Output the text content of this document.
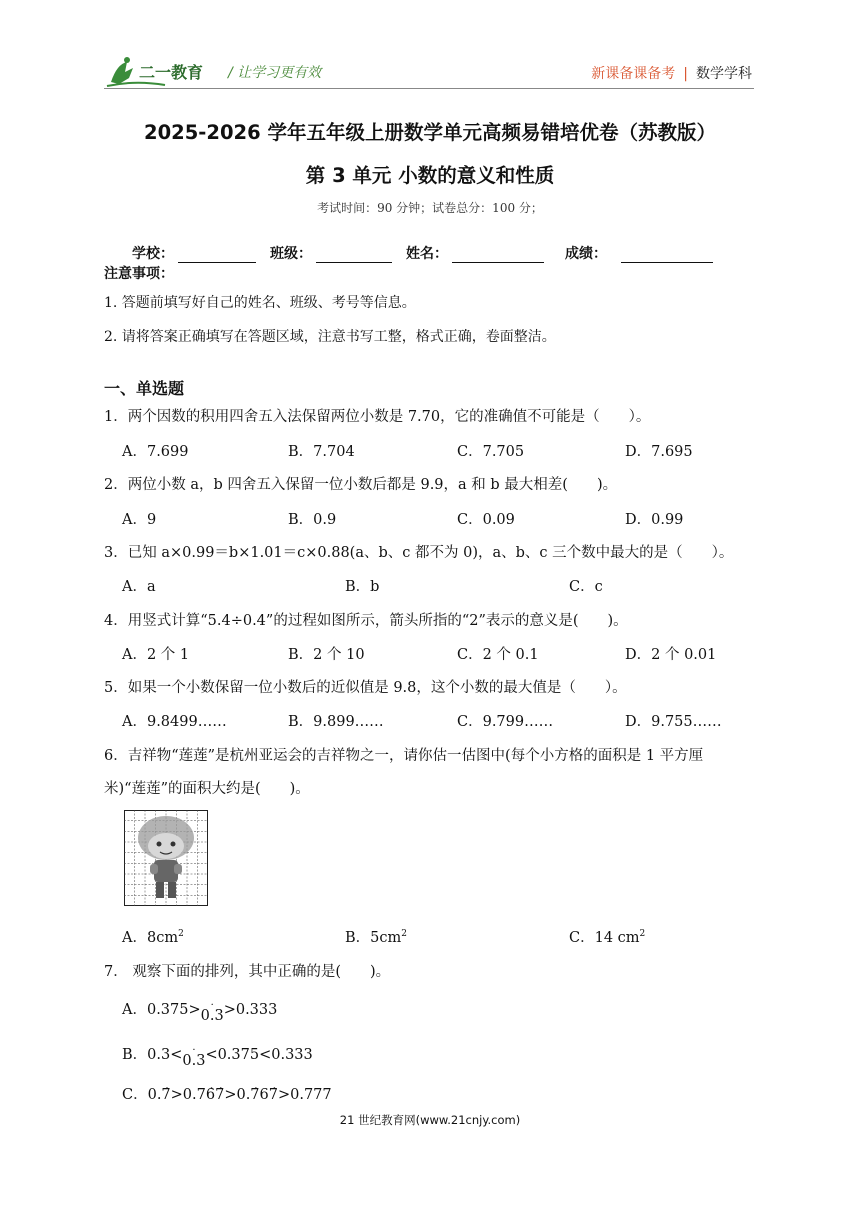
二一教育 / 让学习更有效	新课备课备考 | 数学学科
2025-2026 学年五年级上册数学单元高频易错培优卷（苏教版）
第 3 单元 小数的意义和性质
考试时间：90 分钟；试卷总分：100 分；
学校：	班级：	姓名：	成绩：
注意事项：
1. 答题前填写好自己的姓名、班级、考号等信息。
2. 请将答案正确填写在答题区域，注意书写工整，格式正确，卷面整洁。
一、单选题
1．两个因数的积用四舍五入法保留两位小数是 7.70，它的准确值不可能是（　　）。
A．7.699	B．7.704	C．7.705	D．7.695
2．两位小数 a，b 四舍五入保留一位小数后都是 9.9，a 和 b 最大相差(　　)。
A．9	B．0.9	C．0.09	D．0.99
3．已知 a×0.99＝b×1.01＝c×0.88(a、b、c 都不为 0)，a、b、c 三个数中最大的是（　　）。
A．a	B．b	C．c
4．用竖式计算“5.4÷0.4”的过程如图所示，箭头所指的“2”表示的意义是(　　)。
A．2 个 1	B．2 个 10	C．2 个 0.1	D．2 个 0.01
5．如果一个小数保留一位小数后的近似值是 9.8，这个小数的最大值是（　　）。
A．9.8499……	B．9.899……	C．9.799……	D．9.755……
6．吉祥物“莲莲”是杭州亚运会的吉祥物之一，请你估一估图中(每个小方格的面积是 1 平方厘
米)“莲莲”的面积大约是(　　)。
A．$8cm^2$	B．$5cm^2$	C．14 $cm^2$
7． 观察下面的排列，其中正确的是(　　)。
A．0.375> ·
0.3>0.333
B．0.3< ·
0.3<0.375<0.333
C．0.7̇>0.76̇7̇>0.7̇67̇>0.777
21 世纪教育网(www.21cnjy.com)
